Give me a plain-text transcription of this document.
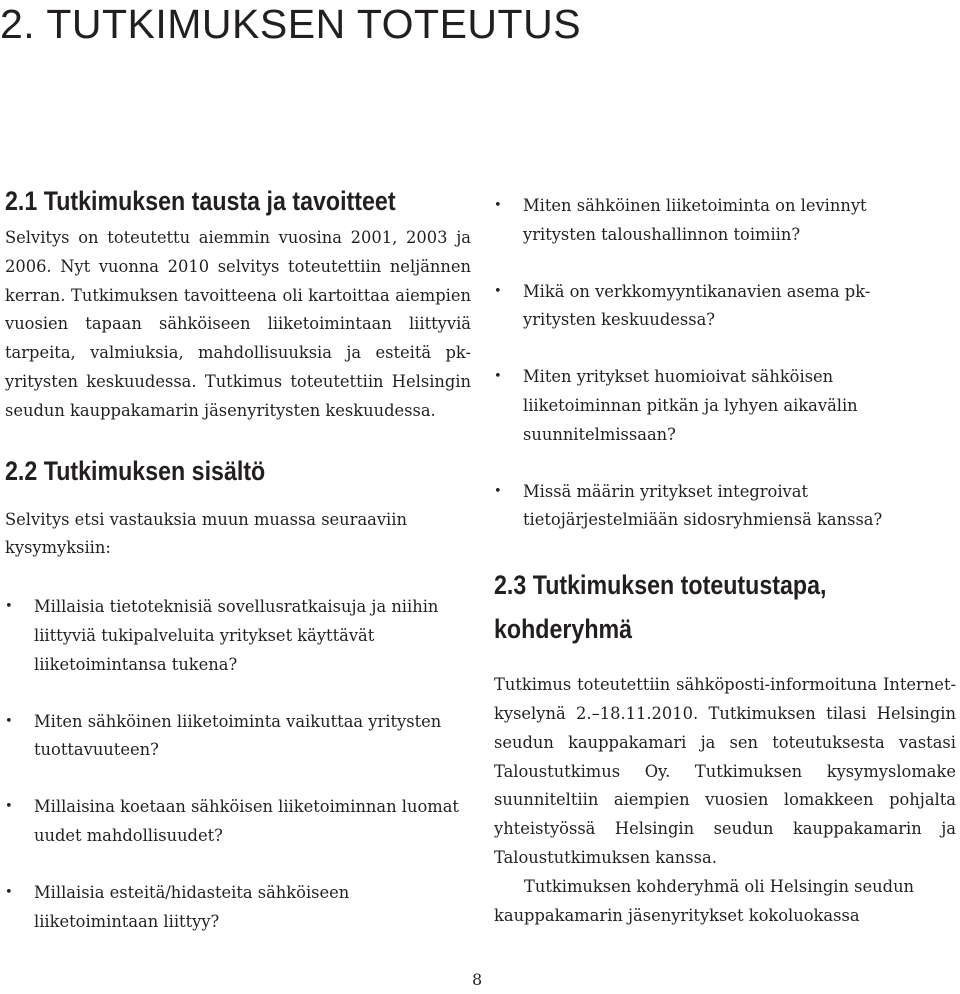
2. TUTKIMUKSEN TOTEUTUS
2.1 Tutkimuksen tausta ja tavoitteet

Selvitys on toteutettu aiemmin vuosina 2001, 2003 ja 2006. Nyt vuonna 2010 selvitys toteutettiin neljännen kerran. Tutkimuksen tavoitteena oli kartoittaa aiempien vuosien tapaan sähköiseen liiketoimintaan liittyviä tarpeita, valmiuksia, mahdollisuuksia ja esteitä pk-yritysten keskuudessa. Tutkimus toteutettiin Helsingin seudun kauppakamarin jäsenyritysten keskuudessa.

2.2 Tutkimuksen sisältö

Selvitys etsi vastauksia muun muassa seuraaviin kysymyksiin:

• Millaisia tietoteknisiä sovellusratkaisuja ja niihin liittyviä tukipalveluita yritykset käyttävät liiketoimintansa tukena?
• Miten sähköinen liiketoiminta vaikuttaa yritysten tuottavuuteen?
• Millaisina koetaan sähköisen liiketoiminnan luomat uudet mahdollisuudet?
• Millaisia esteitä/hidasteita sähköiseen liiketoimintaan liittyy?
• Miten sähköinen liiketoiminta on levinnyt yritysten taloushallinnon toimiin?
• Mikä on verkkomyyntikanavien asema pk-yritysten keskuudessa?
• Miten yritykset huomioivat sähköisen liiketoiminnan pitkän ja lyhyen aikavälin suunnitelmissaan?
• Missä määrin yritykset integroivat tietojärjestelmiään sidosryhmiensä kanssa?
2.3 Tutkimuksen toteutustapa, kohderyhmä

Tutkimus toteutettiin sähköposti-informoituna Internet-kyselynä 2.–18.11.2010. Tutkimuksen tilasi Helsingin seudun kauppakamari ja sen toteutuksesta vastasi Taloustutkimus Oy. Tutkimuksen kysymyslomake suunniteltiin aiempien vuosien lomakkeen pohjalta yhteistyössä Helsingin seudun kauppakamarin ja Taloustutkimuksen kanssa.

Tutkimuksen kohderyhmä oli Helsingin seudun kauppakamarin jäsenyritykset kokoluokassa

8
